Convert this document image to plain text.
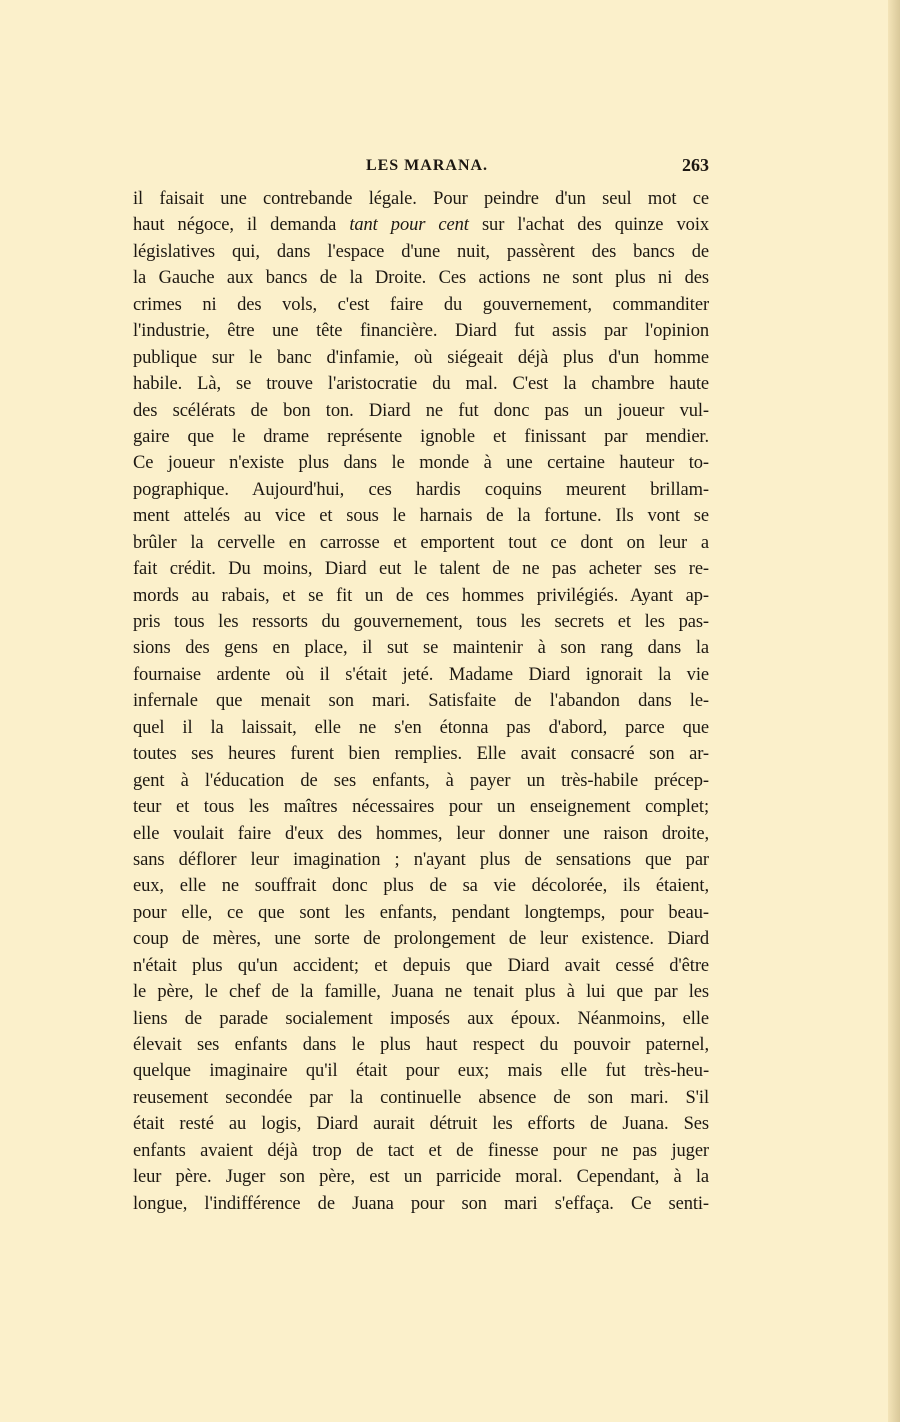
LES MARANA.	263
il faisait une contrebande légale. Pour peindre d'un seul mot ce
haut négoce, il demanda tant pour cent sur l'achat des quinze voix
législatives qui, dans l'espace d'une nuit, passèrent des bancs de
la Gauche aux bancs de la Droite. Ces actions ne sont plus ni des
crimes ni des vols, c'est faire du gouvernement, commanditer
l'industrie, être une tête financière. Diard fut assis par l'opinion
publique sur le banc d'infamie, où siégeait déjà plus d'un homme
habile. Là, se trouve l'aristocratie du mal. C'est la chambre haute
des scélérats de bon ton. Diard ne fut donc pas un joueur vul-
gaire que le drame représente ignoble et finissant par mendier.
Ce joueur n'existe plus dans le monde à une certaine hauteur to-
pographique. Aujourd'hui, ces hardis coquins meurent brillam-
ment attelés au vice et sous le harnais de la fortune. Ils vont se
brûler la cervelle en carrosse et emportent tout ce dont on leur a
fait crédit. Du moins, Diard eut le talent de ne pas acheter ses re-
mords au rabais, et se fit un de ces hommes privilégiés. Ayant ap-
pris tous les ressorts du gouvernement, tous les secrets et les pas-
sions des gens en place, il sut se maintenir à son rang dans la
fournaise ardente où il s'était jeté. Madame Diard ignorait la vie
infernale que menait son mari. Satisfaite de l'abandon dans le-
quel il la laissait, elle ne s'en étonna pas d'abord, parce que
toutes ses heures furent bien remplies. Elle avait consacré son ar-
gent à l'éducation de ses enfants, à payer un très-habile précep-
teur et tous les maîtres nécessaires pour un enseignement complet;
elle voulait faire d'eux des hommes, leur donner une raison droite,
sans déflorer leur imagination ; n'ayant plus de sensations que par
eux, elle ne souffrait donc plus de sa vie décolorée, ils étaient,
pour elle, ce que sont les enfants, pendant longtemps, pour beau-
coup de mères, une sorte de prolongement de leur existence. Diard
n'était plus qu'un accident; et depuis que Diard avait cessé d'être
le père, le chef de la famille, Juana ne tenait plus à lui que par les
liens de parade socialement imposés aux époux. Néanmoins, elle
élevait ses enfants dans le plus haut respect du pouvoir paternel,
quelque imaginaire qu'il était pour eux; mais elle fut très-heu-
reusement secondée par la continuelle absence de son mari. S'il
était resté au logis, Diard aurait détruit les efforts de Juana. Ses
enfants avaient déjà trop de tact et de finesse pour ne pas juger
leur père. Juger son père, est un parricide moral. Cependant, à la
longue, l'indifférence de Juana pour son mari s'effaça. Ce senti-
